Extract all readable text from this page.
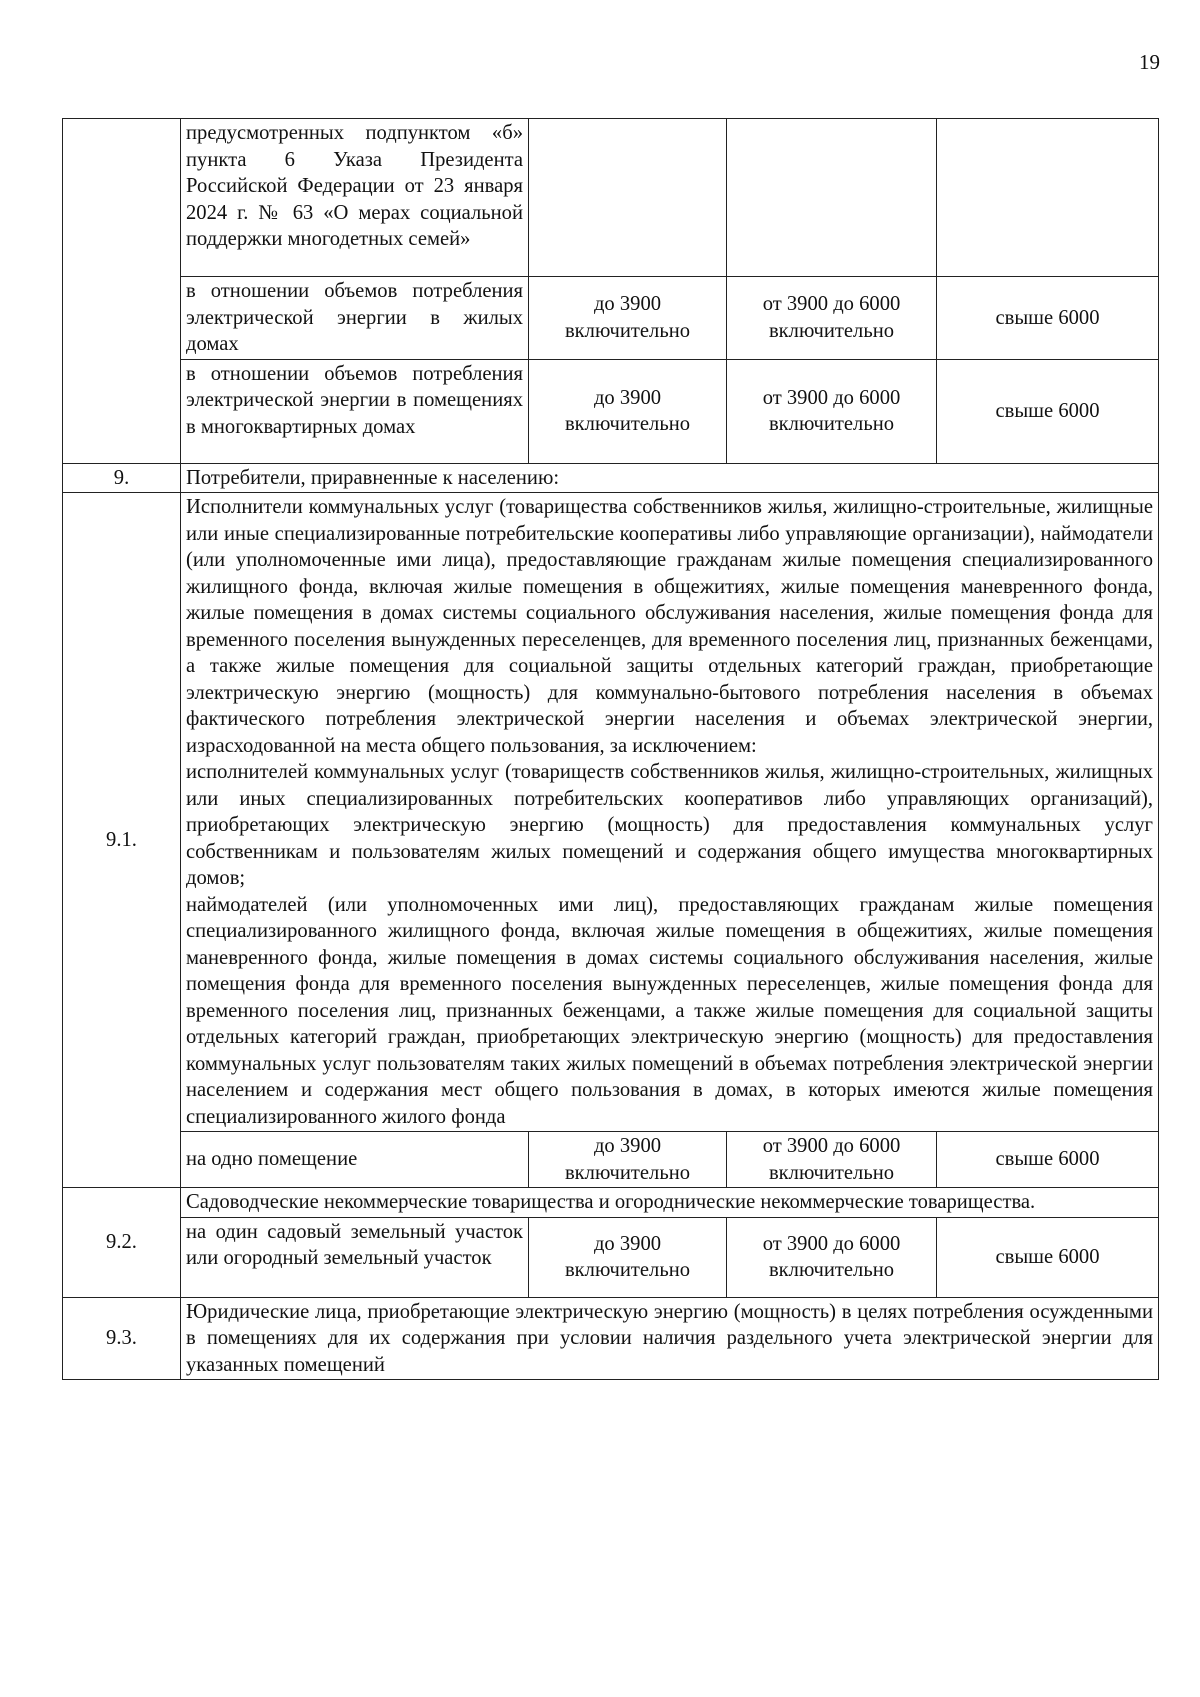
19
	предусмотренных подпунктом «б» пункта 6 Указа Президента Российской Федерации от 23 января 2024 г. № 63 «О мерах социальной поддержки многодетных семей»			
	в отношении объемов потребления электрической энергии в жилых домах	до 3900 включительно	от 3900 до 6000 включительно	свыше 6000
	в отношении объемов потребления электрической энергии в помещениях в многоквартирных домах	до 3900 включительно	от 3900 до 6000 включительно	свыше 6000
9.	Потребители, приравненные к населению:			
9.1.	Исполнители коммунальных услуг (товарищества собственников жилья, жилищно-строительные, жилищные или иные специализированные потребительские кооперативы либо управляющие организации), наймодатели (или уполномоченные ими лица), предоставляющие гражданам жилые помещения специализированного жилищного фонда, включая жилые помещения в общежитиях, жилые помещения маневренного фонда, жилые помещения в домах системы социального обслуживания населения, жилые помещения фонда для временного поселения вынужденных переселенцев, для временного поселения лиц, признанных беженцами, а также жилые помещения для социальной защиты отдельных категорий граждан, приобретающие электрическую энергию (мощность) для коммунально-бытового потребления населения в объемах фактического потребления электрической энергии населения и объемах электрической энергии, израсходованной на места общего пользования, за исключением:

исполнителей коммунальных услуг (товариществ собственников жилья, жилищно-строительных, жилищных или иных специализированных потребительских кооперативов либо управляющих организаций), приобретающих электрическую энергию (мощность) для предоставления коммунальных услуг собственникам и пользователям жилых помещений и содержания общего имущества многоквартирных домов;

наймодателей (или уполномоченных ими лиц), предоставляющих гражданам жилые помещения специализированного жилищного фонда, включая жилые помещения в общежитиях, жилые помещения маневренного фонда, жилые помещения в домах системы социального обслуживания населения, жилые помещения фонда для временного поселения вынужденных переселенцев, жилые помещения фонда для временного поселения лиц, признанных беженцами, а также жилые помещения для социальной защиты отдельных категорий граждан, приобретающих электрическую энергию (мощность) для предоставления коммунальных услуг пользователям таких жилых помещений в объемах потребления электрической энергии населением и содержания мест общего пользования в домах, в которых имеются жилые помещения специализированного жилого фонда			

	на одно помещение	до 3900 включительно	от 3900 до 6000 включительно	свыше 6000
9.2.	Садоводческие некоммерческие товарищества и огороднические некоммерческие товарищества.			
	на один садовый земельный участок или огородный земельный участок	до 3900 включительно	от 3900 до 6000 включительно	свыше 6000
9.3.	Юридические лица, приобретающие электрическую энергию (мощность) в целях потребления осужденными в помещениях для их содержания при условии наличия раздельного учета электрической энергии для указанных помещений			
